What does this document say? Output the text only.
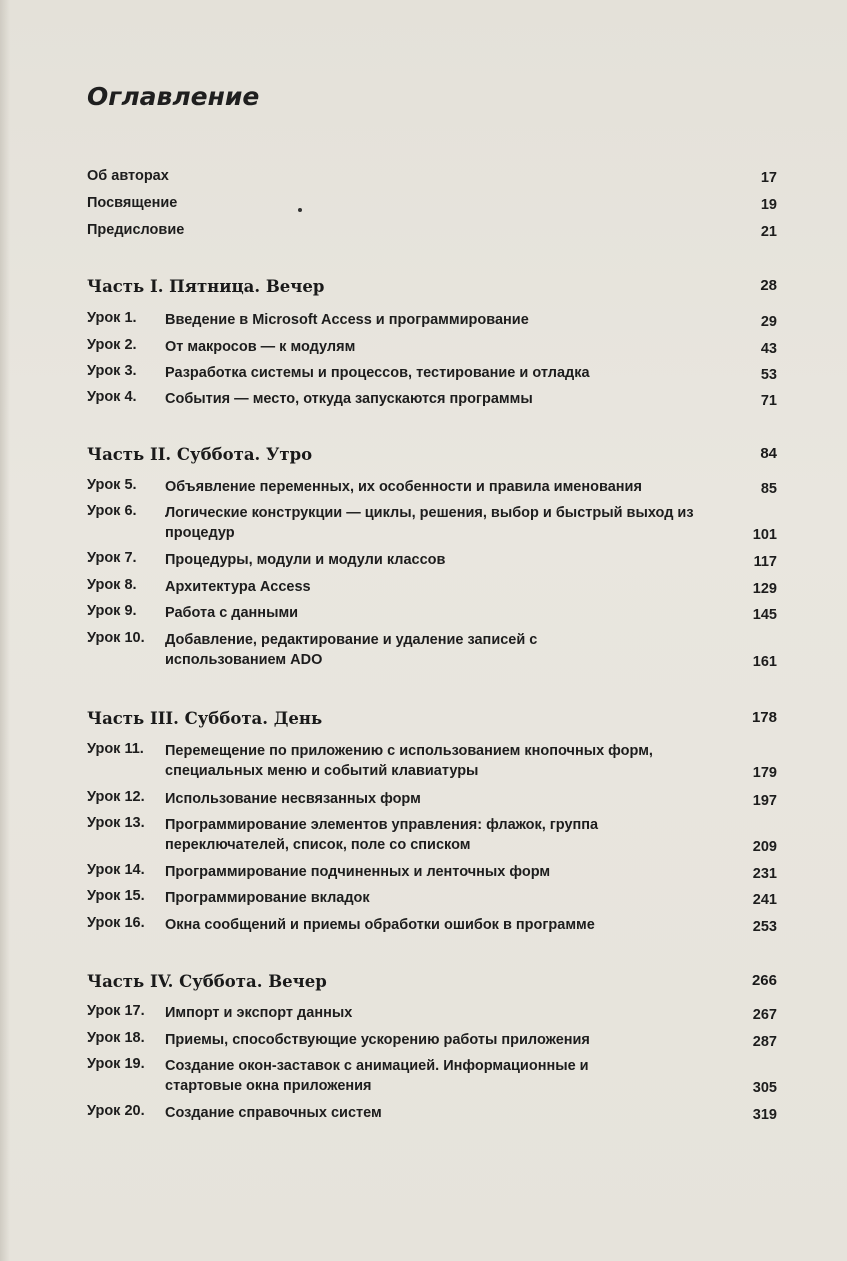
Оглавление
Об авторах	17
Посвящение	19
Предисловие	21
Часть I. Пятница. Вечер	28
Урок 1. Введение в Microsoft Access и программирование	29
Урок 2. От макросов — к модулям	43
Урок 3. Разработка системы и процессов, тестирование и отладка	53
Урок 4. События — место, откуда запускаются программы	71
Часть II. Суббота. Утро	84
Урок 5. Объявление переменных, их особенности и правила именования	85
Урок 6. Логические конструкции — циклы, решения, выбор и быстрый выход из процедур	101
Урок 7. Процедуры, модули и модули классов	117
Урок 8. Архитектура Access	129
Урок 9. Работа с данными	145
Урок 10. Добавление, редактирование и удаление записей с использованием ADO	161
Часть III. Суббота. День	178
Урок 11. Перемещение по приложению с использованием кнопочных форм, специальных меню и событий клавиатуры	179
Урок 12. Использование несвязанных форм	197
Урок 13. Программирование элементов управления: флажок, группа переключателей, список, поле со списком	209
Урок 14. Программирование подчиненных и ленточных форм	231
Урок 15. Программирование вкладок	241
Урок 16. Окна сообщений и приемы обработки ошибок в программе	253
Часть IV. Суббота. Вечер	266
Урок 17. Импорт и экспорт данных	267
Урок 18. Приемы, способствующие ускорению работы приложения	287
Урок 19. Создание окон-заставок с анимацией. Информационные и стартовые окна приложения	305
Урок 20. Создание справочных систем	319
